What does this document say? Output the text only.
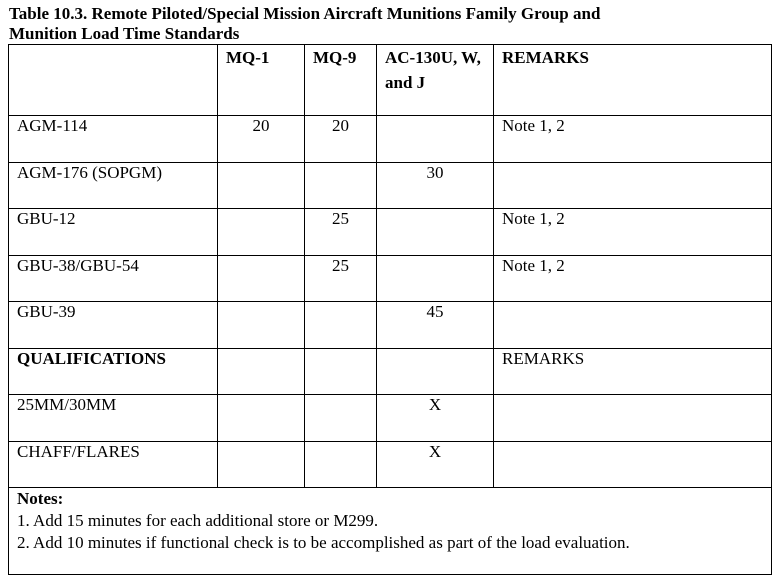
Table 10.3. Remote Piloted/Special Mission Aircraft Munitions Family Group and
Munition Load Time Standards
	MQ-1	MQ-9	AC-130U, W, and J	REMARKS
AGM-114	20	20		Note 1, 2
AGM-176 (SOPGM)			30	
GBU-12		25		Note 1, 2
GBU-38/GBU-54		25		Note 1, 2
GBU-39			45	
QUALIFICATIONS				REMARKS
25MM/30MM			X	
CHAFF/FLARES			X	

Notes:
1. Add 15 minutes for each additional store or M299.
2. Add 10 minutes if functional check is to be accomplished as part of the load evaluation.				
